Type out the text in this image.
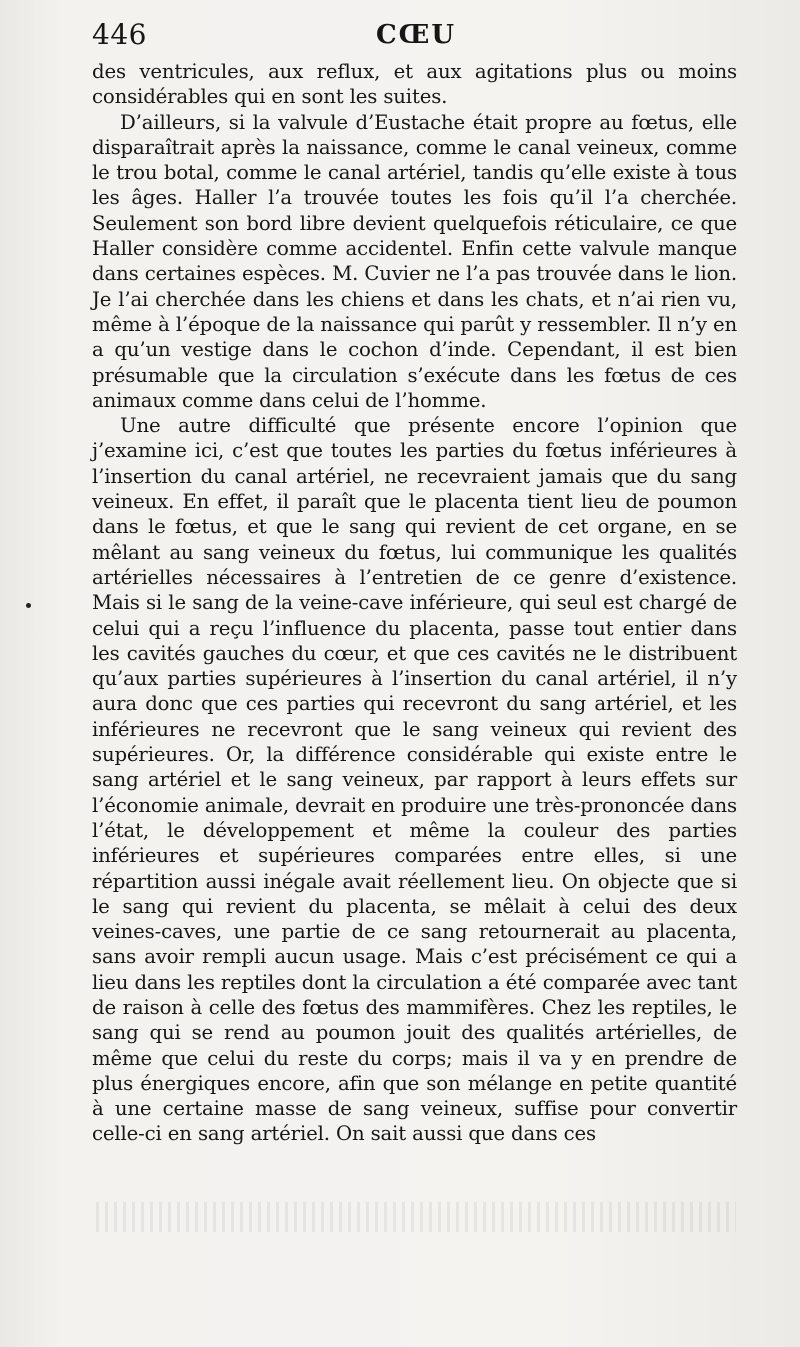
446	CŒU

des ventricules, aux reflux, et aux agitations plus ou moins considérables qui en sont les suites.

D’ailleurs, si la valvule d’Eustache était propre au fœtus, elle disparaîtrait après la naissance, comme le canal veineux, comme le trou botal, comme le canal artériel, tandis qu’elle existe à tous les âges. Haller l’a trouvée toutes les fois qu’il l’a cherchée. Seulement son bord libre devient quelquefois réticulaire, ce que Haller considère comme accidentel. Enfin cette valvule manque dans certaines espèces. M. Cuvier ne l’a pas trouvée dans le lion. Je l’ai cherchée dans les chiens et dans les chats, et n’ai rien vu, même à l’époque de la naissance qui parût y ressembler. Il n’y en a qu’un vestige dans le cochon d’inde. Cependant, il est bien présumable que la circulation s’exécute dans les fœtus de ces animaux comme dans celui de l’homme.

Une autre difficulté que présente encore l’opinion que j’examine ici, c’est que toutes les parties du fœtus inférieures à l’insertion du canal artériel, ne recevraient jamais que du sang veineux. En effet, il paraît que le placenta tient lieu de poumon dans le fœtus, et que le sang qui revient de cet organe, en se mêlant au sang veineux du fœtus, lui communique les qualités artérielles nécessaires à l’entretien de ce genre d’existence. Mais si le sang de la veine-cave inférieure, qui seul est chargé de celui qui a reçu l’influence du placenta, passe tout entier dans les cavités gauches du cœur, et que ces cavités ne le distribuent qu’aux parties supérieures à l’insertion du canal artériel, il n’y aura donc que ces parties qui recevront du sang artériel, et les inférieures ne recevront que le sang veineux qui revient des supérieures. Or, la différence considérable qui existe entre le sang artériel et le sang veineux, par rapport à leurs effets sur l’économie animale, devrait en produire une très-prononcée dans l’état, le développement et même la couleur des parties inférieures et supérieures comparées entre elles, si une répartition aussi inégale avait réellement lieu. On objecte que si le sang qui revient du placenta, se mêlait à celui des deux veines-caves, une partie de ce sang retournerait au placenta, sans avoir rempli aucun usage. Mais c’est précisément ce qui a lieu dans les reptiles dont la circulation a été comparée avec tant de raison à celle des fœtus des mammifères. Chez les reptiles, le sang qui se rend au poumon jouit des qualités artérielles, de même que celui du reste du corps; mais il va y en prendre de plus énergiques encore, afin que son mélange en petite quantité à une certaine masse de sang veineux, suffise pour convertir celle-ci en sang artériel. On sait aussi que dans ces
